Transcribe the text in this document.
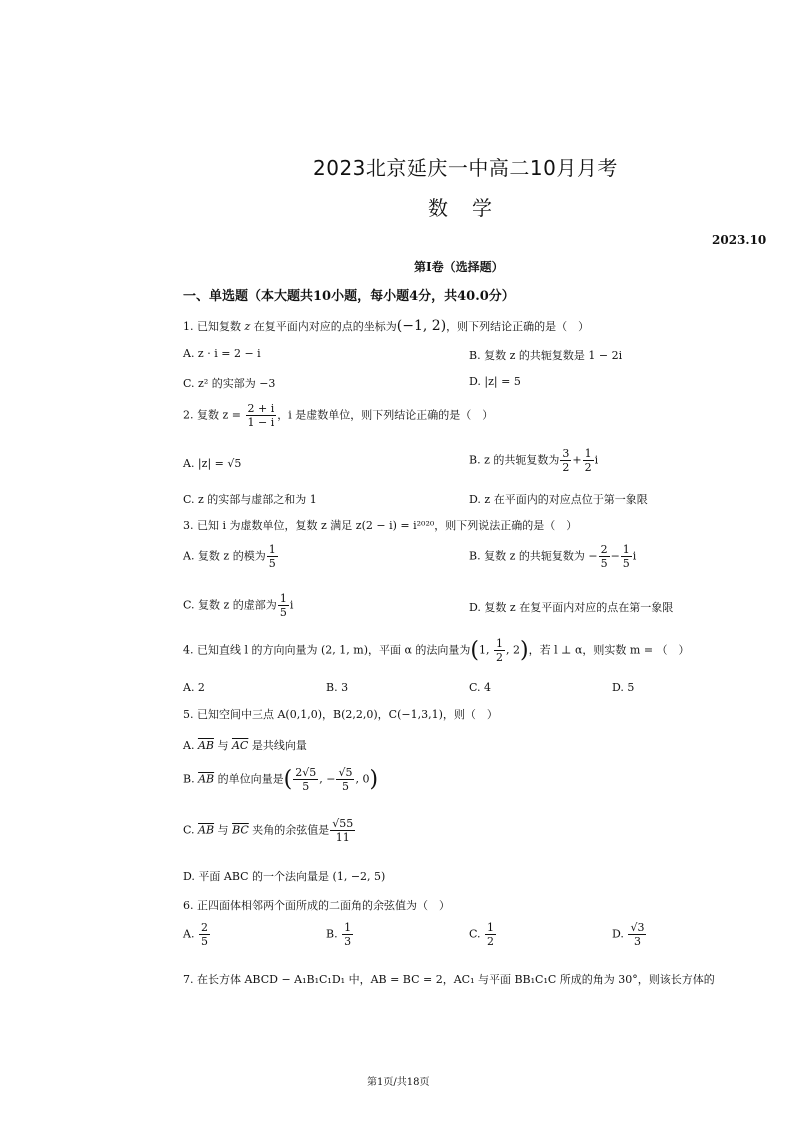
2023北京延庆一中高二10月月考
数学
2023.10
第I卷（选择题）
一、单选题（本大题共10小题，每小题4分，共40.0分）
1. 已知复数 z 在复平面内对应的点的坐标为(−1, 2)，则下列结论正确的是（　）
A. z · i = 2 − i	B. 复数 z 的共轭复数是 1 − 2i
C. z² 的实部为 −3	D. |z| = 5
2. 复数 $z = \frac{2 + i}{1 - i}$ ，i 是虚数单位，则下列结论正确的是（　）
A. |z| = √5	B. z 的共轭复数为 $\frac{3}{2} + \frac{1}{2}$ i
C. z 的实部与虚部之和为 1	D. z 在平面内的对应点位于第一象限
3. 已知 i 为虚数单位，复数 z 满足 z(2 − i) = i²⁰²⁰，则下列说法正确的是（　）
A. 复数 z 的模为 $\frac{1}{5}$	B. 复数 z 的共轭复数为 − $\frac{2}{5} - \frac{1}{5}$ i
C. 复数 z 的虚部为 $\frac{1}{5}$ i	D. 复数 z 在复平面内对应的点在第一象限
4. 已知直线 l 的方向向量为 (2, 1, m)，平面 α 的法向量为(1, $\frac{1}{2}$ , 2)，若 l ⊥ α，则实数 m = （　）
A. 2	B. 3	C. 4	D. 5
5. 已知空间中三点 A(0,1,0)，B(2,2,0)，C(−1,3,1)，则（　）
A. $\overline{AB}$ 与 $\overline{AC}$ 是共线向量
B. $\overline{AB}$ 的单位向量是( $\frac{2√5}{5}$ , − $\frac{√5}{5}$ , 0)
C. $\overline{AB}$ 与 $\overline{BC}$ 夹角的余弦值是 $\frac{√55}{11}$
D. 平面 ABC 的一个法向量是 (1, −2, 5)
6. 正四面体相邻两个面所成的二面角的余弦值为（　）
A. $\frac{2}{5}$	B. $\frac{1}{3}$	C. $\frac{1}{2}$	D. $\frac{√3}{3}$
7. 在长方体 ABCD − A₁B₁C₁D₁ 中，AB = BC = 2，AC₁ 与平面 BB₁C₁C 所成的角为 30°，则该长方体的
第1页/共18页
